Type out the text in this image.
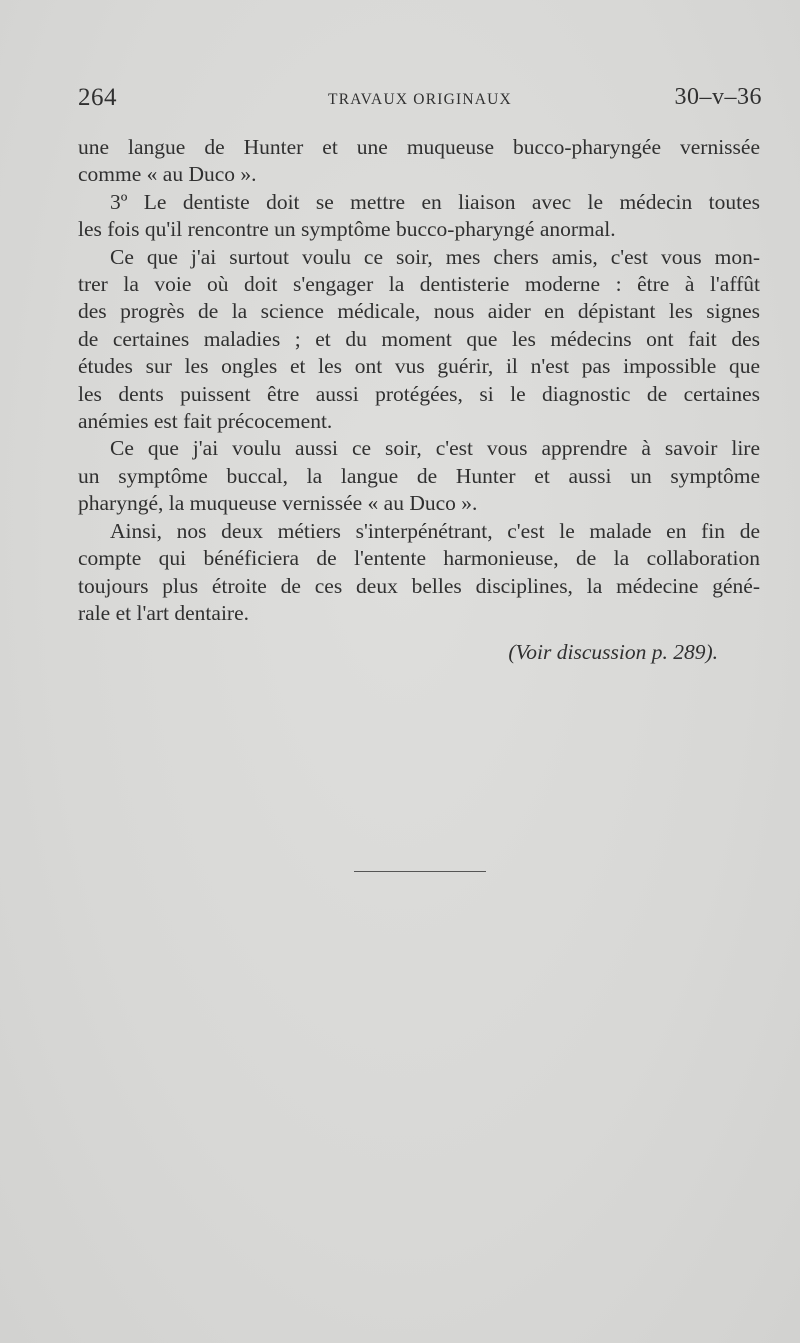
264	TRAVAUX ORIGINAUX	30–v–36

une langue de Hunter et une muqueuse bucco-pharyngée vernissée
comme « au Duco ».

3º Le dentiste doit se mettre en liaison avec le médecin toutes
les fois qu'il rencontre un symptôme bucco-pharyngé anormal.

Ce que j'ai surtout voulu ce soir, mes chers amis, c'est vous mon-
trer la voie où doit s'engager la dentisterie moderne : être à l'affût
des progrès de la science médicale, nous aider en dépistant les signes
de certaines maladies ; et du moment que les médecins ont fait des
études sur les ongles et les ont vus guérir, il n'est pas impossible que
les dents puissent être aussi protégées, si le diagnostic de certaines
anémies est fait précocement.

Ce que j'ai voulu aussi ce soir, c'est vous apprendre à savoir lire
un symptôme buccal, la langue de Hunter et aussi un symptôme
pharyngé, la muqueuse vernissée « au Duco ».

Ainsi, nos deux métiers s'interpénétrant, c'est le malade en fin de
compte qui bénéficiera de l'entente harmonieuse, de la collaboration
toujours plus étroite de ces deux belles disciplines, la médecine géné-
rale et l'art dentaire.

(Voir discussion p. 289).
